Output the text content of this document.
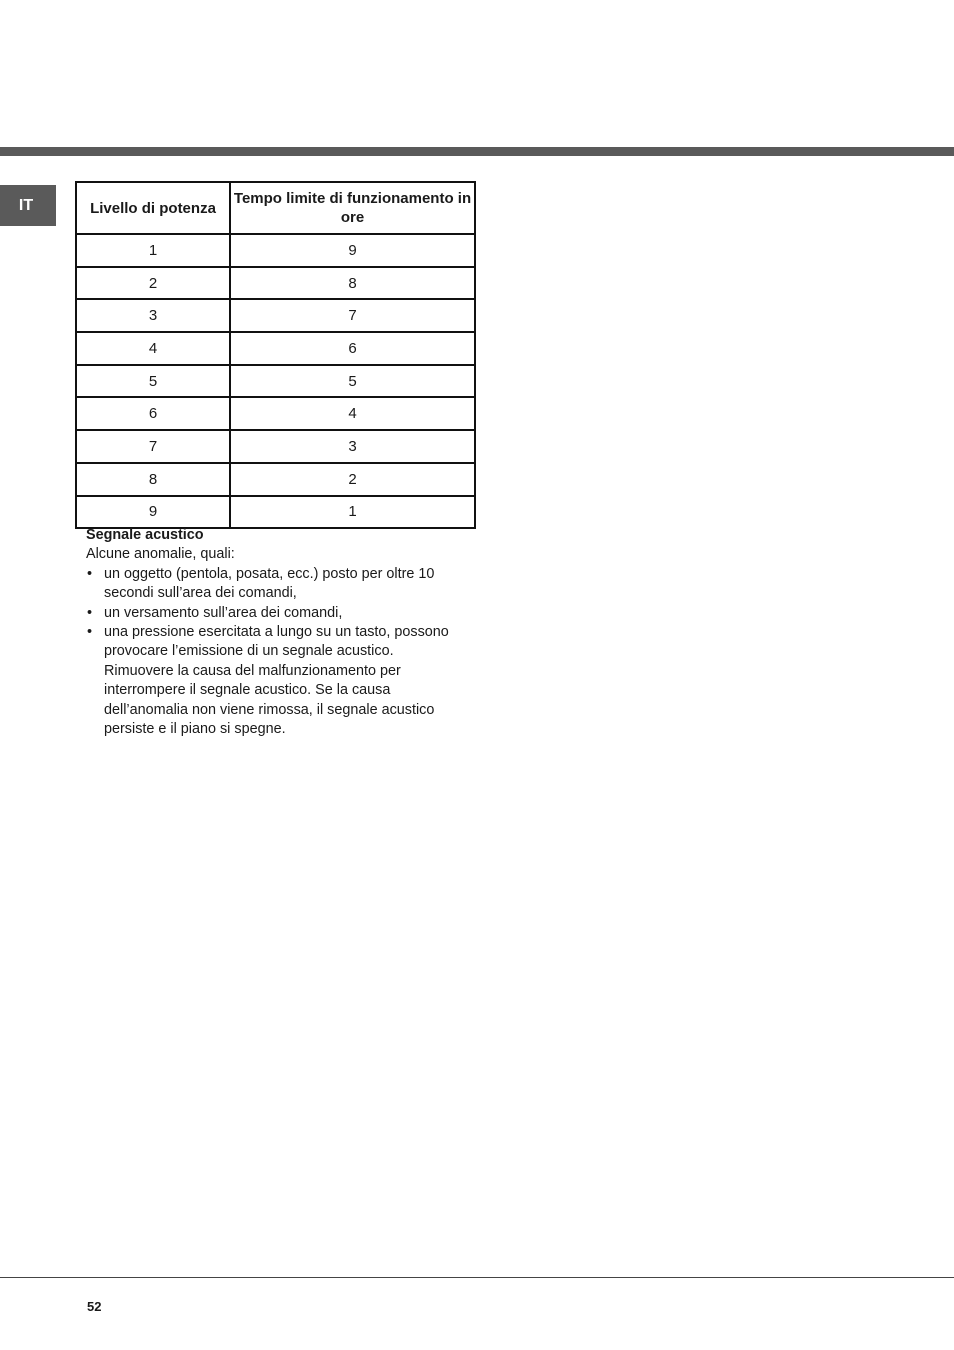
IT	Livello di potenza	Tempo limite di funzionamento in ore
1	9
2	8
3	7
4	6
5	5
6	4
7	3
8	2
9	1
Segnale acustico
Alcune anomalie, quali:
• un oggetto (pentola, posata, ecc.) posto per oltre 10 secondi sull’area dei comandi,
• un versamento sull’area dei comandi,
• una pressione esercitata a lungo su un tasto, possono provocare l’emissione di un segnale acustico. Rimuovere la causa del malfunzionamento per interrompere il segnale acustico. Se la causa dell’anomalia non viene rimossa, il segnale acustico persiste e il piano si spegne.
52
